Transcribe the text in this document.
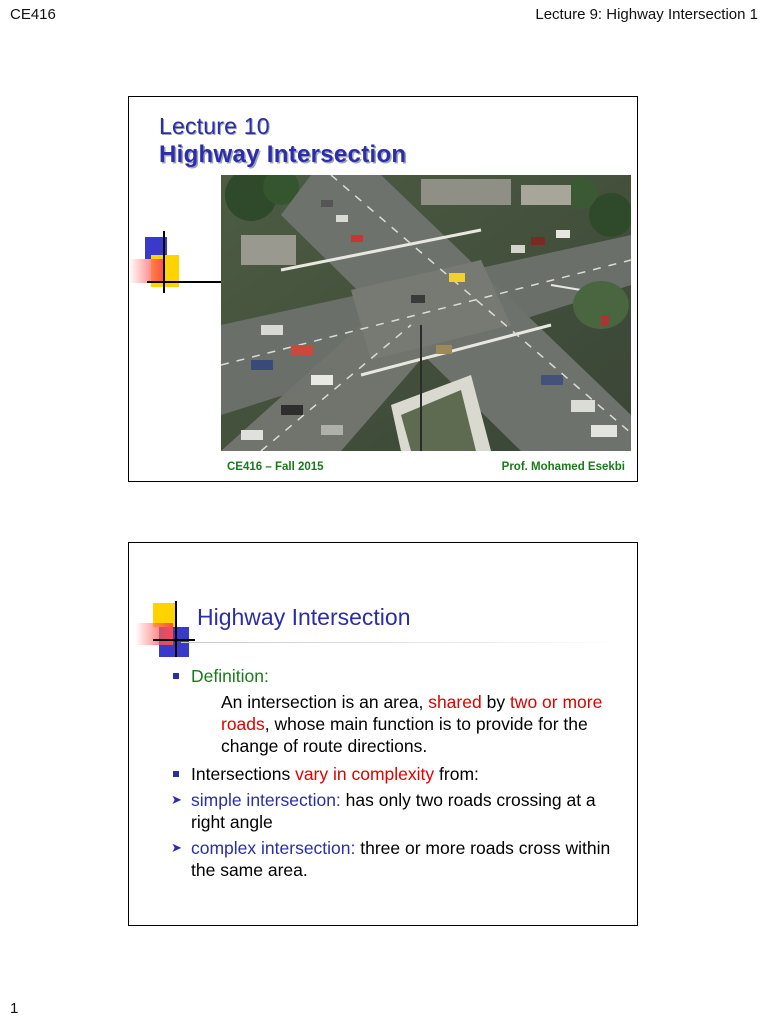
CE416	Lecture 9: Highway Intersection 1
Lecture 10
Highway Intersection
CE416 – Fall 2015	Prof. Mohamed Esekbi
Highway Intersection
Definition:
An intersection is an area, shared by two or more roads, whose main function is to provide for the change of route directions.
Intersections vary in complexity from:
➤ simple intersection: has only two roads crossing at a right angle
➤ complex intersection: three or more roads cross within the same area.
1
